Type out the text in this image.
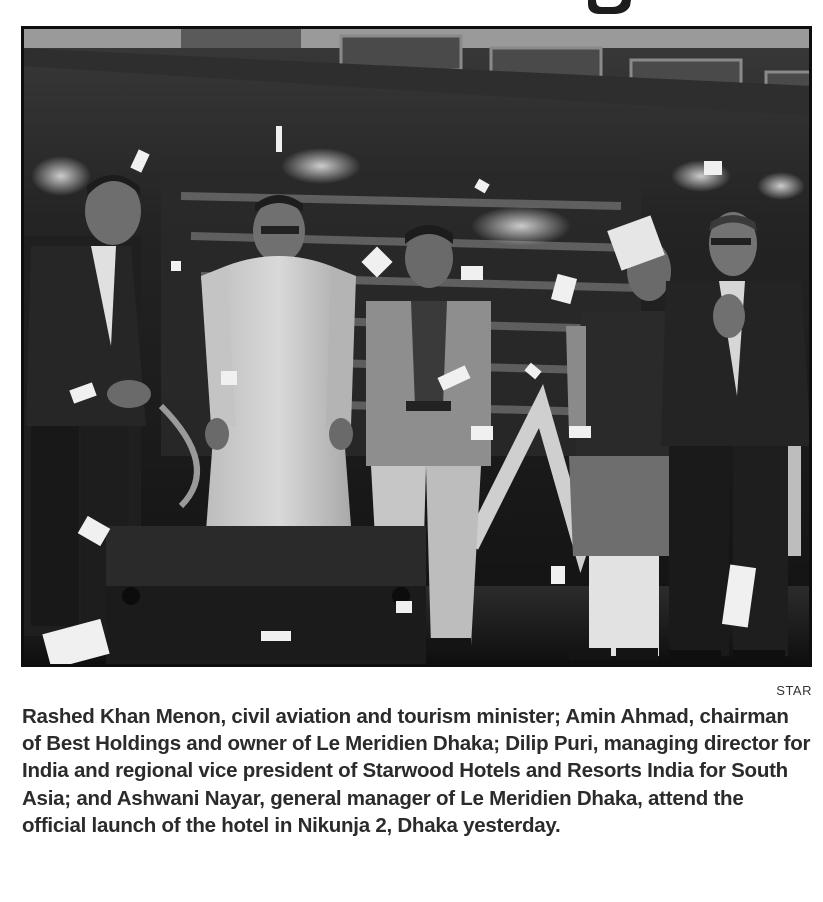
STAR

Rashed Khan Menon, civil aviation and tourism minister; Amin Ahmad, chairman of Best Holdings and owner of Le Meridien Dhaka; Dilip Puri, managing director for India and regional vice president of Starwood Hotels and Resorts India for South Asia; and Ashwani Nayar, general manager of Le Meridien Dhaka, attend the official launch of the hotel in Nikunja 2, Dhaka yesterday.
